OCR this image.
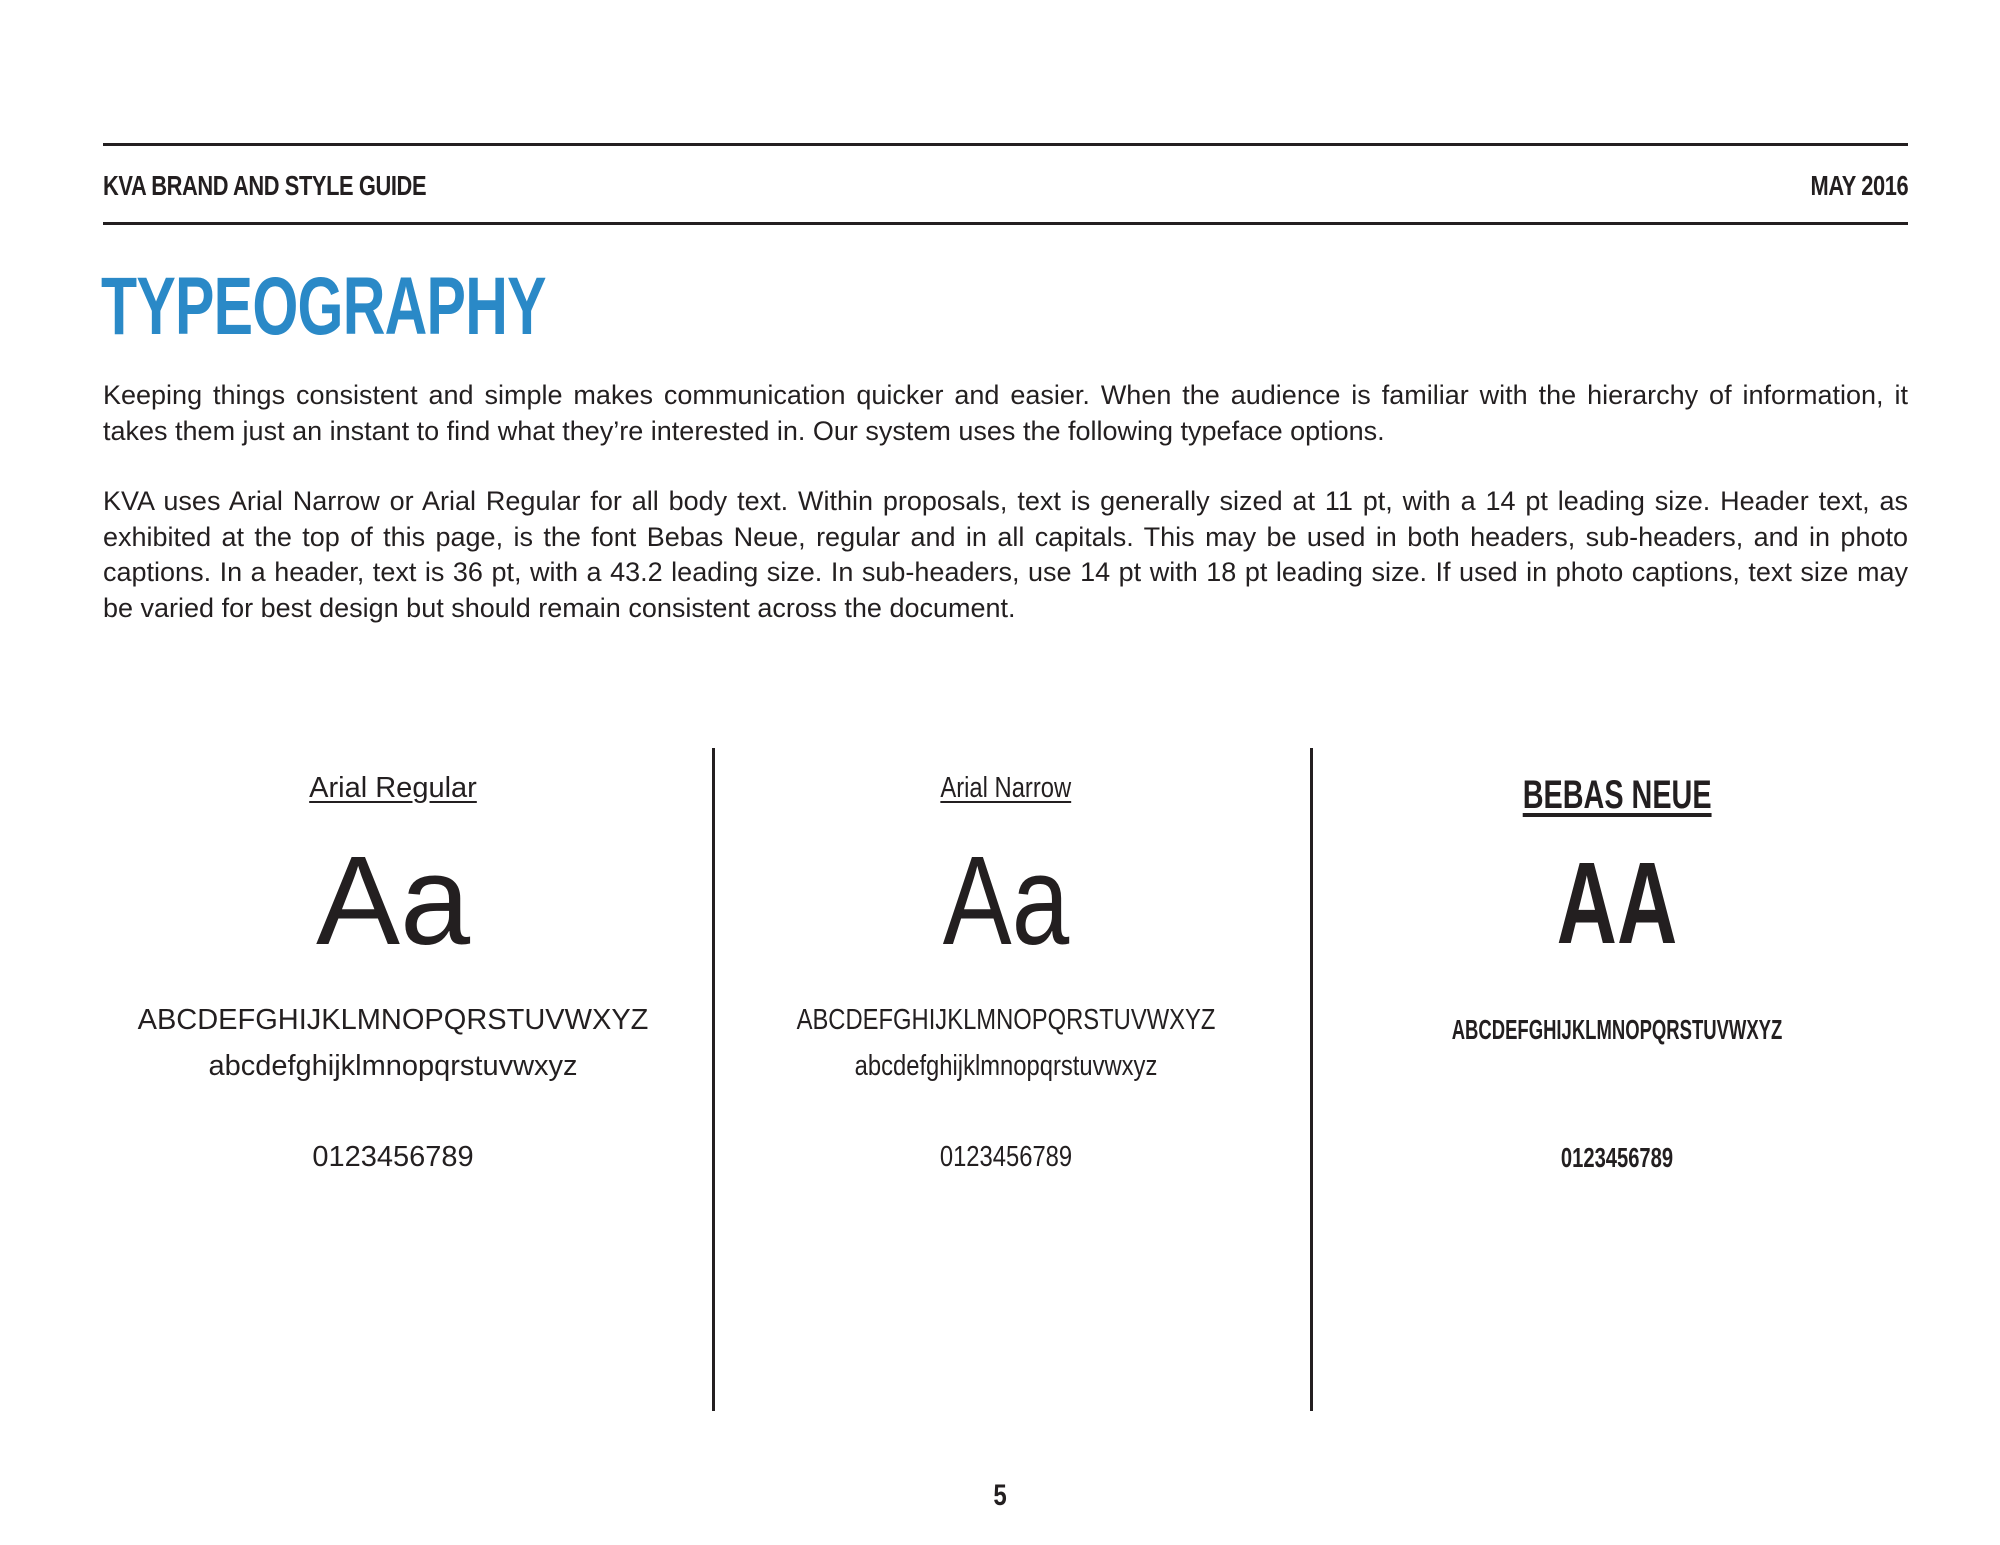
KVA BRAND AND STYLE GUIDE	MAY 2016
TYPEOGRAPHY

Keeping things consistent and simple makes communication quicker and easier. When the audience is familiar with the hierarchy of information, it takes them just an instant to find what they’re interested in. Our system uses the following typeface options.

KVA uses Arial Narrow or Arial Regular for all body text. Within proposals, text is generally sized at 11 pt, with a 14 pt leading size. Header text, as exhibited at the top of this page, is the font Bebas Neue, regular and in all capitals. This may be used in both headers, sub-headers, and in photo captions. In a header, text is 36 pt, with a 43.2 leading size. In sub-headers, use 14 pt with 18 pt leading size. If used in photo captions, text size may be varied for best design but should remain consistent across the document.

Arial Regular
Aa
ABCDEFGHIJKLMNOPQRSTUVWXYZ
abcdefghijklmnopqrstuvwxyz
0123456789
Arial Narrow
Aa
ABCDEFGHIJKLMNOPQRSTUVWXYZ
abcdefghijklmnopqrstuvwxyz
0123456789
BEBAS NEUE
AA
ABCDEFGHIJKLMNOPQRSTUVWXYZ
0123456789
5
